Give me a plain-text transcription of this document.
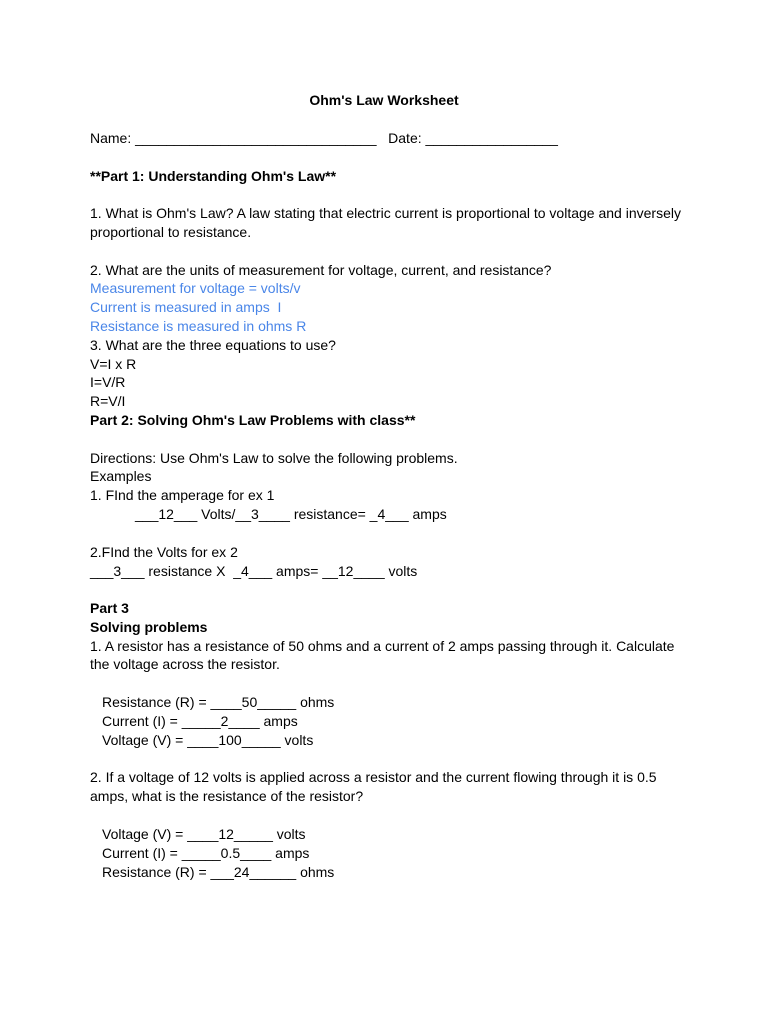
Ohm's Law Worksheet

Name: _______________________________   Date: _________________

**Part 1: Understanding Ohm's Law**

1. What is Ohm's Law? A law stating that electric current is proportional to voltage and inversely

proportional to resistance.

2. What are the units of measurement for voltage, current, and resistance?

Measurement for voltage = volts/v

Current is measured in amps  I

Resistance is measured in ohms R

3. What are the three equations to use?

V=I x R

I=V/R

R=V/I

Part 2: Solving Ohm's Law Problems with class**

Directions: Use Ohm's Law to solve the following problems.

Examples

1. FInd the amperage for ex 1

___12___ Volts/__3____ resistance= _4___ amps

2.FInd the Volts for ex 2

___3___ resistance X  _4___ amps= __12____ volts

Part 3

Solving problems

1. A resistor has a resistance of 50 ohms and a current of 2 amps passing through it. Calculate

the voltage across the resistor.

Resistance (R) = ____50_____ ohms

Current (I) = _____2____ amps

Voltage (V) = ____100_____ volts

2. If a voltage of 12 volts is applied across a resistor and the current flowing through it is 0.5

amps, what is the resistance of the resistor?

Voltage (V) = ____12_____ volts

Current (I) = _____0.5____ amps

Resistance (R) = ___24______ ohms
